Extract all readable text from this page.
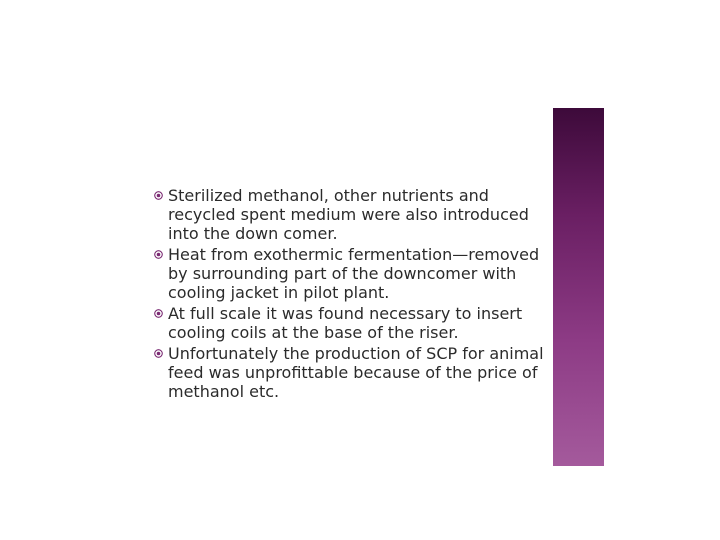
Sterilized methanol, other nutrients and recycled spent medium were also introduced into the down comer.
Heat from exothermic fermentation—removed by surrounding part of the downcomer with cooling jacket in pilot plant.
At full scale it was found necessary to insert cooling coils at the base of the riser.
Unfortunately the production of SCP for animal feed was unprofittable because of the price of methanol etc.
